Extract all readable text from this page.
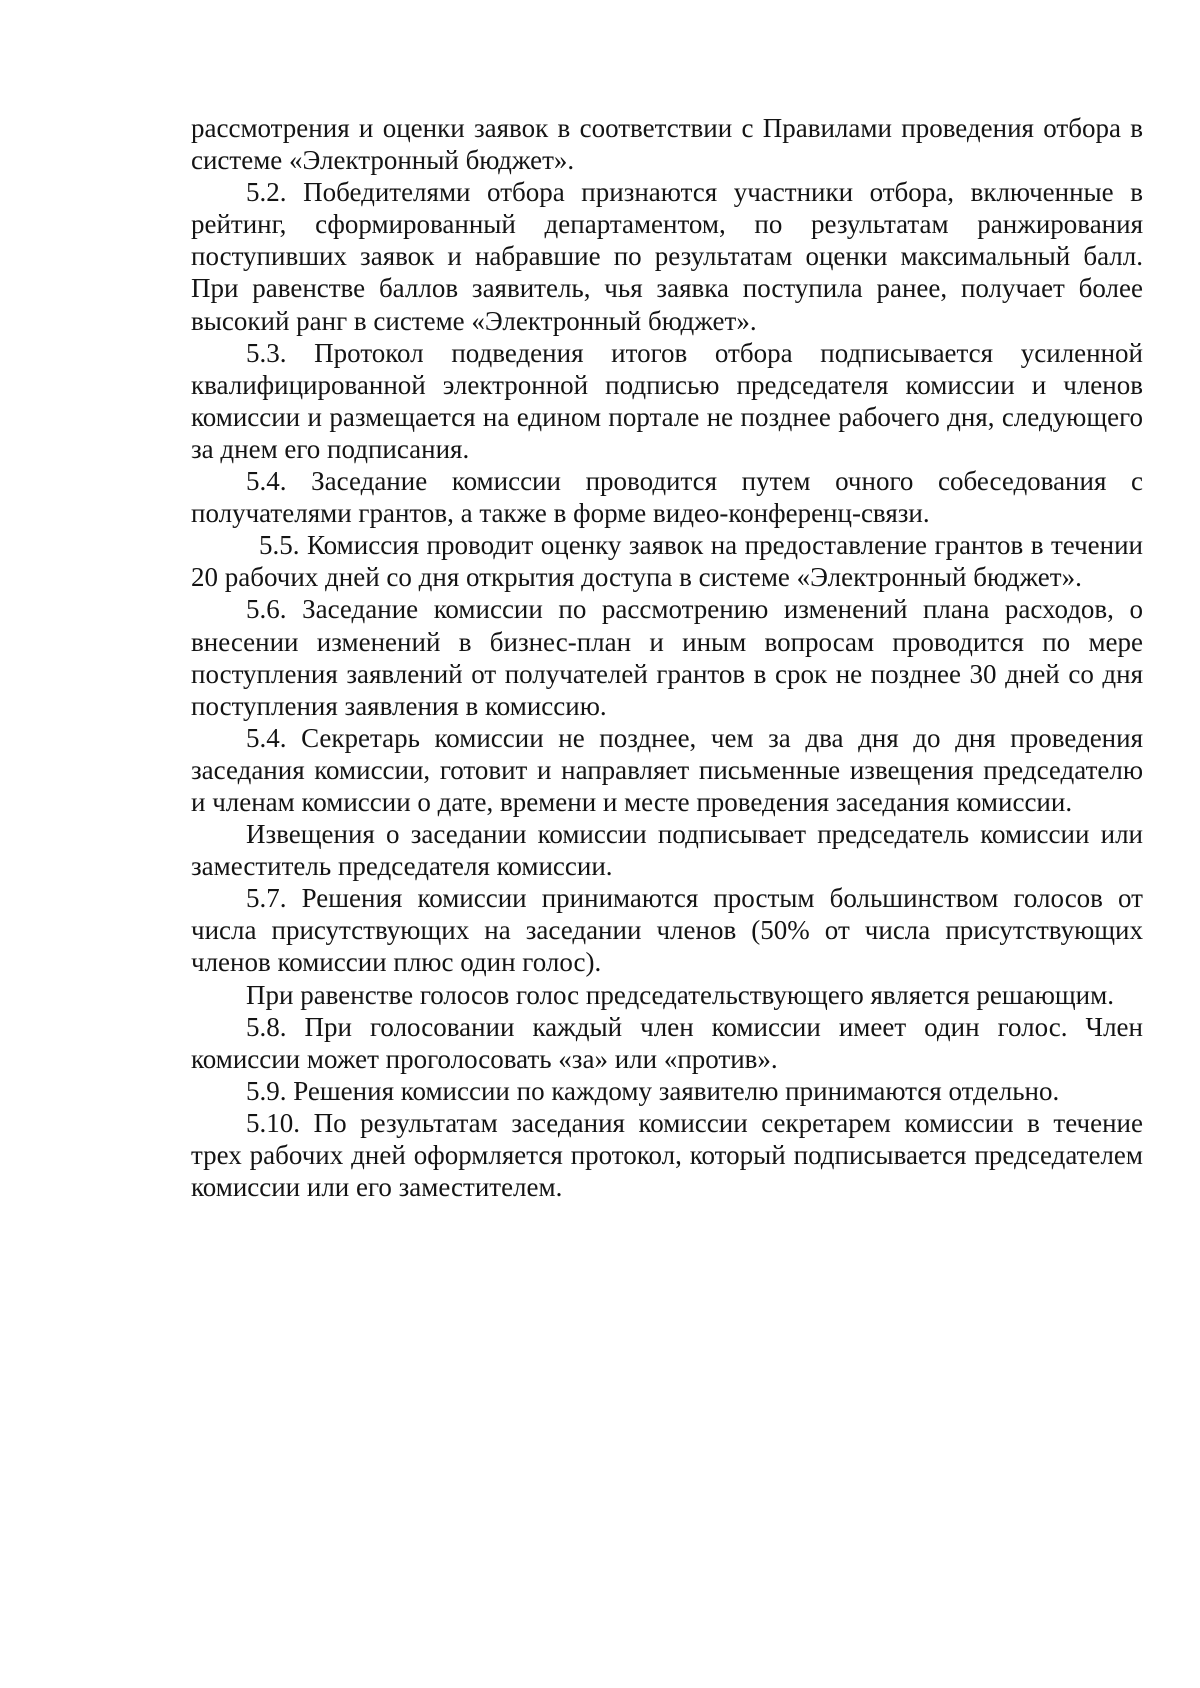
рассмотрения и оценки заявок в соответствии с Правилами проведения отбора в системе «Электронный бюджет».

5.2. Победителями отбора признаются участники отбора, включенные в рейтинг, сформированный департаментом, по результатам ранжирования поступивших заявок и набравшие по результатам оценки максимальный балл. При равенстве баллов заявитель, чья заявка поступила ранее, получает более высокий ранг в системе «Электронный бюджет».

5.3. Протокол подведения итогов отбора подписывается усиленной квалифицированной электронной подписью председателя комиссии и членов комиссии и размещается на едином портале не позднее рабочего дня, следующего за днем его подписания.

5.4. Заседание комиссии проводится путем очного собеседования с получателями грантов, а также в форме видео-конференц-связи.

5.5. Комиссия проводит оценку заявок на предоставление грантов в течении 20 рабочих дней со дня открытия доступа в системе «Электронный бюджет».

5.6. Заседание комиссии по рассмотрению изменений плана расходов, о внесении изменений в бизнес-план и иным вопросам проводится по мере поступления заявлений от получателей грантов в срок не позднее 30 дней со дня поступления заявления в комиссию.

5.4. Секретарь комиссии не позднее, чем за два дня до дня проведения заседания комиссии, готовит и направляет письменные извещения председателю и членам комиссии о дате, времени и месте проведения заседания комиссии.

Извещения о заседании комиссии подписывает председатель комиссии или заместитель председателя комиссии.

5.7. Решения комиссии принимаются простым большинством голосов от числа присутствующих на заседании членов (50% от числа присутствующих членов комиссии плюс один голос).

При равенстве голосов голос председательствующего является решающим.

5.8. При голосовании каждый член комиссии имеет один голос. Член комиссии может проголосовать «за» или «против».

5.9. Решения комиссии по каждому заявителю принимаются отдельно.

5.10. По результатам заседания комиссии секретарем комиссии в течение трех рабочих дней оформляется протокол, который подписывается председателем комиссии или его заместителем.
